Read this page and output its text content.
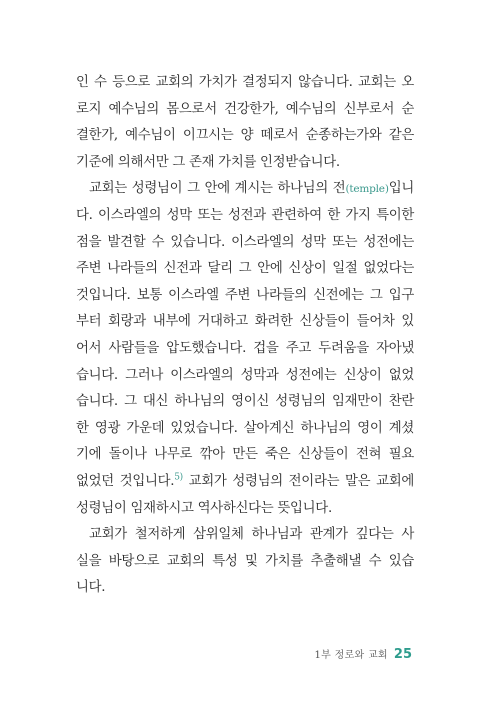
인 수 등으로 교회의 가치가 결정되지 않습니다. 교회는 오
로지 예수님의 몸으로서 건강한가, 예수님의 신부로서 순
결한가, 예수님이 이끄시는 양 떼로서 순종하는가와 같은
기준에 의해서만 그 존재 가치를 인정받습니다.
교회는 성령님이 그 안에 계시는 하나님의 전(temple)입니
다. 이스라엘의 성막 또는 성전과 관련하여 한 가지 특이한
점을 발견할 수 있습니다. 이스라엘의 성막 또는 성전에는
주변 나라들의 신전과 달리 그 안에 신상이 일절 없었다는
것입니다. 보통 이스라엘 주변 나라들의 신전에는 그 입구
부터 회랑과 내부에 거대하고 화려한 신상들이 들어차 있
어서 사람들을 압도했습니다. 겁을 주고 두려움을 자아냈
습니다. 그러나 이스라엘의 성막과 성전에는 신상이 없었
습니다. 그 대신 하나님의 영이신 성령님의 임재만이 찬란
한 영광 가운데 있었습니다. 살아계신 하나님의 영이 계셨
기에 돌이나 나무로 깎아 만든 죽은 신상들이 전혀 필요
없었던 것입니다.$^{5)}$ 교회가 성령님의 전이라는 말은 교회에
성령님이 임재하시고 역사하신다는 뜻입니다.
교회가 철저하게 삼위일체 하나님과 관계가 깊다는 사
실을 바탕으로 교회의 특성 및 가치를 추출해낼 수 있습
니다.
1부 정로와 교회 25
